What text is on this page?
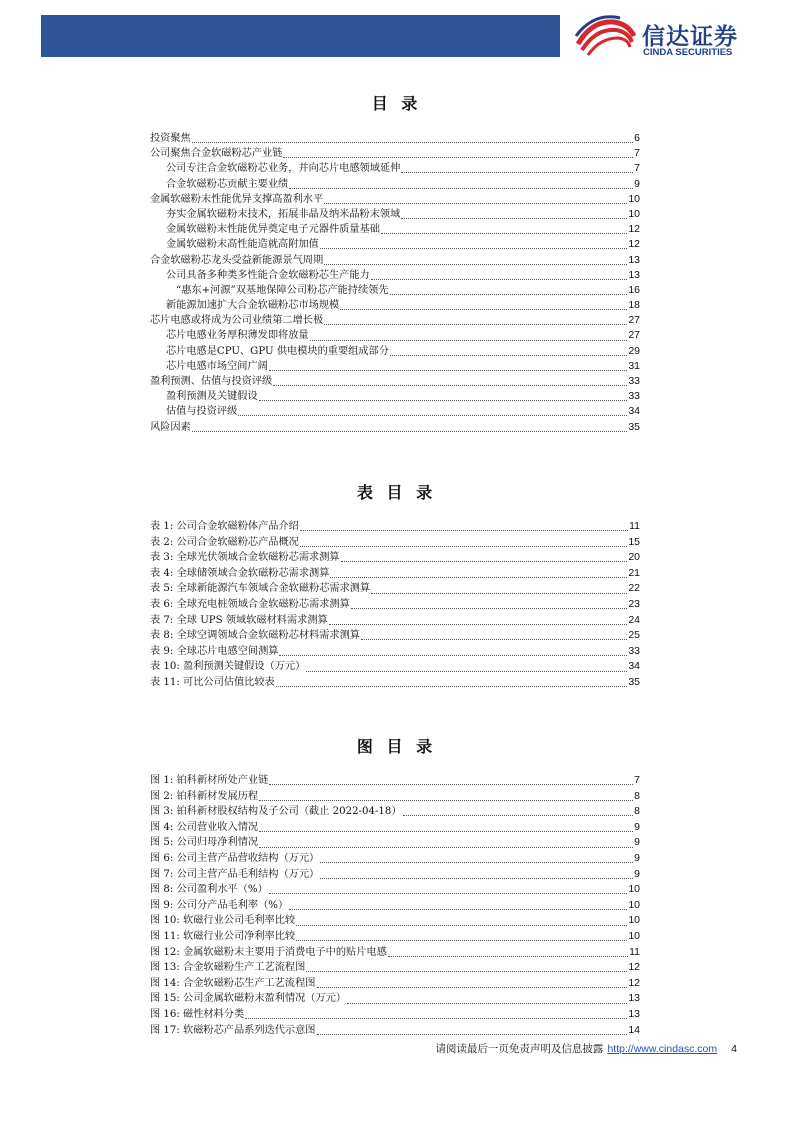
信达证券
CINDA SECURITIES
目 录
投资聚焦	6
公司聚焦合金软磁粉芯产业链	7
公司专注合金软磁粉芯业务，并向芯片电感领域延伸	7
合金软磁粉芯贡献主要业绩	9
金属软磁粉末性能优异支撑高盈利水平	10
夯实金属软磁粉末技术，拓展非晶及纳米晶粉末领域	10
金属软磁粉末性能优异奠定电子元器件质量基础	12
金属软磁粉末高性能造就高附加值	12
合金软磁粉芯龙头受益新能源景气周期	13
公司具备多种类多性能合金软磁粉芯生产能力	13
“惠东+河源”双基地保障公司粉芯产能持续领先	16
新能源加速扩大合金软磁粉芯市场规模	18
芯片电感或将成为公司业绩第二增长极	27
芯片电感业务厚积薄发即将放量	27
芯片电感是CPU、GPU 供电模块的重要组成部分	29
芯片电感市场空间广阔	31
盈利预测、估值与投资评级	33
盈利预测及关键假设	33
估值与投资评级	34
风险因素	35
表 目 录
表 1: 公司合金软磁粉体产品介绍	11
表 2: 公司合金软磁粉芯产品概况	15
表 3: 全球光伏领域合金软磁粉芯需求测算	20
表 4: 全球储领域合金软磁粉芯需求测算	21
表 5: 全球新能源汽车领域合金软磁粉芯需求测算	22
表 6: 全球充电桩领域合金软磁粉芯需求测算	23
表 7: 全球 UPS 领域软磁材料需求测算	24
表 8: 全球空调领域合金软磁粉芯材料需求测算	25
表 9: 全球芯片电感空间测算	33
表 10: 盈利预测关键假设（万元）	34
表 11: 可比公司估值比较表	35
图 目 录
图 1: 铂科新材所处产业链	7
图 2: 铂科新材发展历程	8
图 3: 铂科新材股权结构及子公司（截止 2022-04-18）	8
图 4: 公司营业收入情况	9
图 5: 公司归母净利情况	9
图 6: 公司主营产品营收结构（万元）	9
图 7: 公司主营产品毛利结构（万元）	9
图 8: 公司盈利水平（%）	10
图 9: 公司分产品毛利率（%）	10
图 10: 软磁行业公司毛利率比较	10
图 11: 软磁行业公司净利率比较	10
图 12: 金属软磁粉末主要用于消费电子中的贴片电感	11
图 13: 合金软磁粉生产工艺流程图	12
图 14: 合金软磁粉芯生产工艺流程图	12
图 15: 公司金属软磁粉末盈利情况（万元）	13
图 16: 磁性材料分类	13
图 17: 软磁粉芯产品系列迭代示意图	14
请阅读最后一页免责声明及信息披露 http://www.cindasc.com 4
